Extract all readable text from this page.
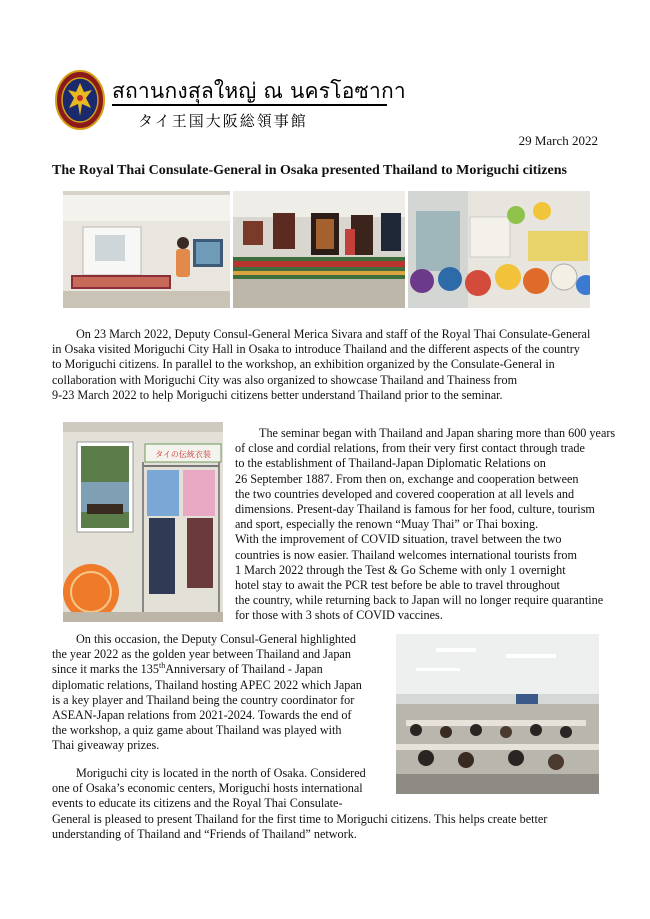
สถานกงสุลใหญ่ ณ นครโอซากา
タイ王国大阪総領事館
29 March 2022
The Royal Thai Consulate-General in Osaka presented Thailand to Moriguchi citizens
On 23 March 2022, Deputy Consul-General Merica Sivara and staff of the Royal Thai Consulate-General
in Osaka visited Moriguchi City Hall in Osaka to introduce Thailand and the different aspects of the country
to Moriguchi citizens. In parallel to the workshop, an exhibition organized by the Consulate-General in
collaboration with Moriguchi City was also organized to showcase Thailand and Thainess from
9-23 March 2022 to help Moriguchi citizens better understand Thailand prior to the seminar.
タイの伝統衣装
The seminar began with Thailand and Japan sharing more than 600 years
of close and cordial relations, from their very first contact through trade
to the establishment of Thailand-Japan Diplomatic Relations on
26 September 1887. From then on, exchange and cooperation between
the two countries developed and covered cooperation at all levels and
dimensions. Present-day Thailand is famous for her food, culture, tourism
and sport, especially the renown “Muay Thai” or Thai boxing.
With the improvement of COVID situation, travel between the two
countries is now easier. Thailand welcomes international tourists from
1 March 2022 through the Test & Go Scheme with only 1 overnight
hotel stay to await the PCR test before be able to travel throughout
the country, while returning back to Japan will no longer require quarantine
for those with 3 shots of COVID vaccines.
On this occasion, the Deputy Consul-General highlighted
the year 2022 as the golden year between Thailand and Japan
since it marks the 135thAnniversary of Thailand - Japan
diplomatic relations, Thailand hosting APEC 2022 which Japan
is a key player and Thailand being the country coordinator for
ASEAN-Japan relations from 2021-2024. Towards the end of
the workshop, a quiz game about Thailand was played with
Thai giveaway prizes.
Moriguchi city is located in the north of Osaka. Considered
one of Osaka’s economic centers, Moriguchi hosts international
events to educate its citizens and the Royal Thai Consulate-
General is pleased to present Thailand for the first time to Moriguchi citizens. This helps create better
understanding of Thailand and “Friends of Thailand” network.
